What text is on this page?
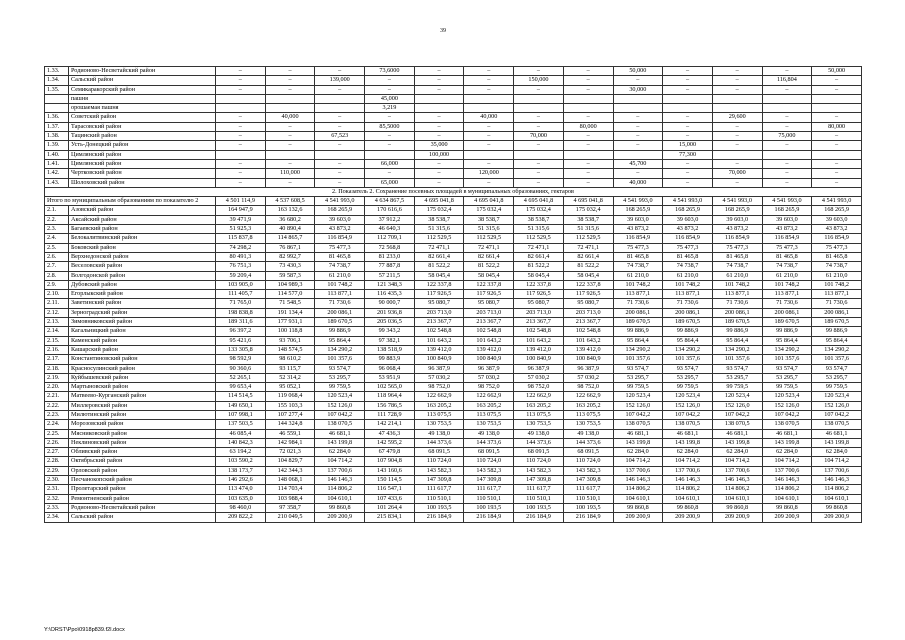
39
1.33.	Родионово-Несветайский район	–	–	–	73,6000	–	–	–	–	50,000	–	–	–	50,000
1.34.	Сальский район	–	–	139,000	–	–	–	150,000	–	–	–	–	116,804	–
1.35.	Семикаракорский район	–	–	–	–	–	–	–	–	30,000	–	–	–	–
	пашня				45,000									
	орошаемая пашня				3,219									
1.36.	Советский район	–	40,000	–	–	–	40,000	–	–	–	–	29,600	–	–
1.37.	Тарасовский район	–	–	–	85,5000	–	–	–	80,000	–	–	–	–	80,000
1.38.	Тацинский район	–	–	67,523	–	–	–	70,000	–	–	–	–	75,000	–
1.39.	Усть-Донецкий район	–	–	–	–	35,000	–	–	–	–	15,000	–	–	–
1.40.	Цимлянский район					100,000					77,300			
1.41.	Цимлянский район	–	–	–	66,000	–	–	–	–	45,700	–	–	–	–
1.42.	Чертковский район	–	110,000	–	–	–	120,000	–	–	–	–	70,000	–	–
1.43.	Шолоховский район	–	–	–	65,000	–	–	–	–	40,000	–	–	–	–
2. Показатель 2. Сохранение посевных площадей в муниципальных образованиях, гектаров														
Итого по муниципальным образованиям по показателю 2		4 501 114,9	4 537 608,5	4 541 993,0	4 634 867,5	4 695 041,8	4 695 041,8	4 695 041,8	4 695 041,8	4 541 993,0	4 541 993,0	4 541 993,0	4 541 993,0	4 541 993,0
2.1.	Азовский район	164 947,9	163 132,6	168 265,9	170 616,6	175 032,4	175 032,4	175 032,4	175 032,4	168 265,9	168 265,9	168 265,9	168 265,9	168 265,9
2.2.	Аксайский район	39 471,9	36 680,2	39 603,0	37 912,2	38 538,7	38 538,7	38 538,7	38 538,7	39 603,0	39 603,0	39 603,0	39 603,0	39 603,0
2.3.	Багаевский район	51 925,3	40 890,4	43 873,2	46 640,3	51 315,6	51 315,6	51 315,6	51 315,6	43 873,2	43 873,2	43 873,2	43 873,2	43 873,2
2.4.	Белокалитвинский район	115 837,8	114 865,7	116 854,9	112 709,1	112 529,5	112 529,5	112 529,5	112 529,5	116 854,9	116 854,9	116 854,9	116 854,9	116 854,9
2.5.	Боковский район	74 298,2	76 867,1	75 477,3	72 568,8	72 471,1	72 471,1	72 471,1	72 471,1	75 477,3	75 477,3	75 477,3	75 477,3	75 477,3
2.6.	Верхнедонской район	80 491,3	82 992,7	81 465,8	81 233,0	82 661,4	82 661,4	82 661,4	82 661,4	81 465,8	81 465,8	81 465,8	81 465,8	81 465,8
2.7.	Веселовский район	76 751,3	73 430,3	74 738,7	77 887,8	81 522,2	81 522,2	81 522,2	81 522,2	74 738,7	74 738,7	74 738,7	74 738,7	74 738,7
2.8.	Волгодонской район	59 209,4	59 587,3	61 210,0	57 211,5	58 045,4	58 045,4	58 045,4	58 045,4	61 210,0	61 210,0	61 210,0	61 210,0	61 210,0
2.9.	Дубовский район	103 905,0	104 989,3	101 748,2	121 348,3	122 337,8	122 337,8	122 337,8	122 337,8	101 748,2	101 748,2	101 748,2	101 748,2	101 748,2
2.10.	Егорлыкский район	111 405,7	114 577,0	113 877,1	116 435,3	117 926,5	117 926,5	117 926,5	117 926,5	113 877,1	113 877,1	113 877,1	113 877,1	113 877,1
2.11.	Заветинский район	71 765,0	71 548,5	71 730,6	90 000,7	95 080,7	95 080,7	95 080,7	95 080,7	71 730,6	71 730,6	71 730,6	71 730,6	71 730,6
2.12.	Зерноградский район	198 838,8	191 134,4	200 086,1	201 936,8	203 713,0	203 713,0	203 713,0	203 713,0	200 086,1	200 086,1	200 086,1	200 086,1	200 086,1
2.13.	Зимовниковский район	189 311,6	177 931,1	189 670,5	205 036,5	213 367,7	213 367,7	213 367,7	213 367,7	189 670,5	189 670,5	189 670,5	189 670,5	189 670,5
2.14.	Кагальницкий район	96 397,2	100 118,8	99 886,9	99 343,2	102 548,8	102 548,8	102 548,8	102 548,8	99 886,9	99 886,9	99 886,9	99 886,9	99 886,9
2.15.	Каменский район	95 421,6	93 706,1	95 864,4	97 382,1	101 643,2	101 643,2	101 643,2	101 643,2	95 864,4	95 864,4	95 864,4	95 864,4	95 864,4
2.16.	Кашарский район	133 305,8	148 574,5	134 290,2	138 518,9	139 412,0	139 412,0	139 412,0	139 412,0	134 290,2	134 290,2	134 290,2	134 290,2	134 290,2
2.17.	Константиновский район	98 592,9	98 610,2	101 357,6	99 883,9	100 840,9	100 840,9	100 840,9	100 840,9	101 357,6	101 357,6	101 357,6	101 357,6	101 357,6
2.18.	Красносулинский район	90 360,6	93 115,7	93 574,7	96 068,4	96 387,9	96 387,9	96 387,9	96 387,9	93 574,7	93 574,7	93 574,7	93 574,7	93 574,7
2.19.	Куйбышевский район	52 265,1	52 314,2	53 295,7	53 951,9	57 030,2	57 030,2	57 030,2	57 030,2	53 295,7	53 295,7	53 295,7	53 295,7	53 295,7
2.20.	Мартыновский район	99 653,4	95 052,1	99 759,5	102 565,0	98 752,0	98 752,0	98 752,0	98 752,0	99 759,5	99 759,5	99 759,5	99 759,5	99 759,5
2.21.	Матвеево-Курганский район	114 514,5	119 068,4	120 523,4	118 964,4	122 662,9	122 662,9	122 662,9	122 662,9	120 523,4	120 523,4	120 523,4	120 523,4	120 523,4
2.22.	Миллеровский район	149 650,1	155 103,3	152 126,0	156 786,5	163 205,2	163 205,2	163 205,2	163 205,2	152 126,0	152 126,0	152 126,0	152 126,0	152 126,0
2.23.	Милютинский район	107 998,1	107 277,4	107 042,2	111 728,9	113 075,5	113 075,5	113 075,5	113 075,5	107 042,2	107 042,2	107 042,2	107 042,2	107 042,2
2.24.	Морозовский район	137 503,5	144 324,8	138 070,5	142 214,1	130 753,5	130 753,5	130 753,5	130 753,5	138 070,5	138 070,5	138 070,5	138 070,5	138 070,5
2.25.	Мясниковский район	46 085,4	46 559,1	46 681,1	47 436,3	49 138,0	49 138,0	49 138,0	49 138,0	46 681,1	46 681,1	46 681,1	46 681,1	46 681,1
2.26.	Неклиновский район	140 842,3	142 984,1	143 199,8	142 595,2	144 373,6	144 373,6	144 373,6	144 373,6	143 199,8	143 199,8	143 199,8	143 199,8	143 199,8
2.27.	Обливский район	63 194,2	72 021,3	62 284,0	67 479,8	68 091,5	68 091,5	68 091,5	68 091,5	62 284,0	62 284,0	62 284,0	62 284,0	62 284,0
2.28.	Октябрьский район	103 590,2	104 829,7	104 714,2	107 904,8	110 724,0	110 724,0	110 724,0	110 724,0	104 714,2	104 714,2	104 714,2	104 714,2	104 714,2
2.29.	Орловский район	138 173,7	142 344,3	137 700,6	143 160,6	143 582,3	143 582,3	143 582,3	143 582,3	137 700,6	137 700,6	137 700,6	137 700,6	137 700,6
2.30.	Песчанокопский район	146 292,6	148 068,1	146 146,3	150 114,5	147 309,8	147 309,8	147 309,8	147 309,8	146 146,3	146 146,3	146 146,3	146 146,3	146 146,3
2.31.	Пролетарский район	113 474,0	114 703,4	114 806,2	116 547,1	111 617,7	111 617,7	111 617,7	111 617,7	114 806,2	114 806,2	114 806,2	114 806,2	114 806,2
2.32.	Ремонтненский район	103 635,0	103 988,4	104 610,1	107 433,6	110 510,1	110 510,1	110 510,1	110 510,1	104 610,1	104 610,1	104 610,1	104 610,1	104 610,1
2.33.	Родионово-Несветайский район	98 460,0	97 358,7	99 860,8	101 264,4	100 193,5	100 193,5	100 193,5	100 193,5	99 860,8	99 860,8	99 860,8	99 860,8	99 860,8
2.34.	Сальский район	209 822,2	210 049,5	209 200,9	215 834,1	216 184,9	216 184,9	216 184,9	216 184,9	209 200,9	209 200,9	209 200,9	209 200,9	209 200,9
Y:\ORST\Ppo\0918p839.f2l.docx
